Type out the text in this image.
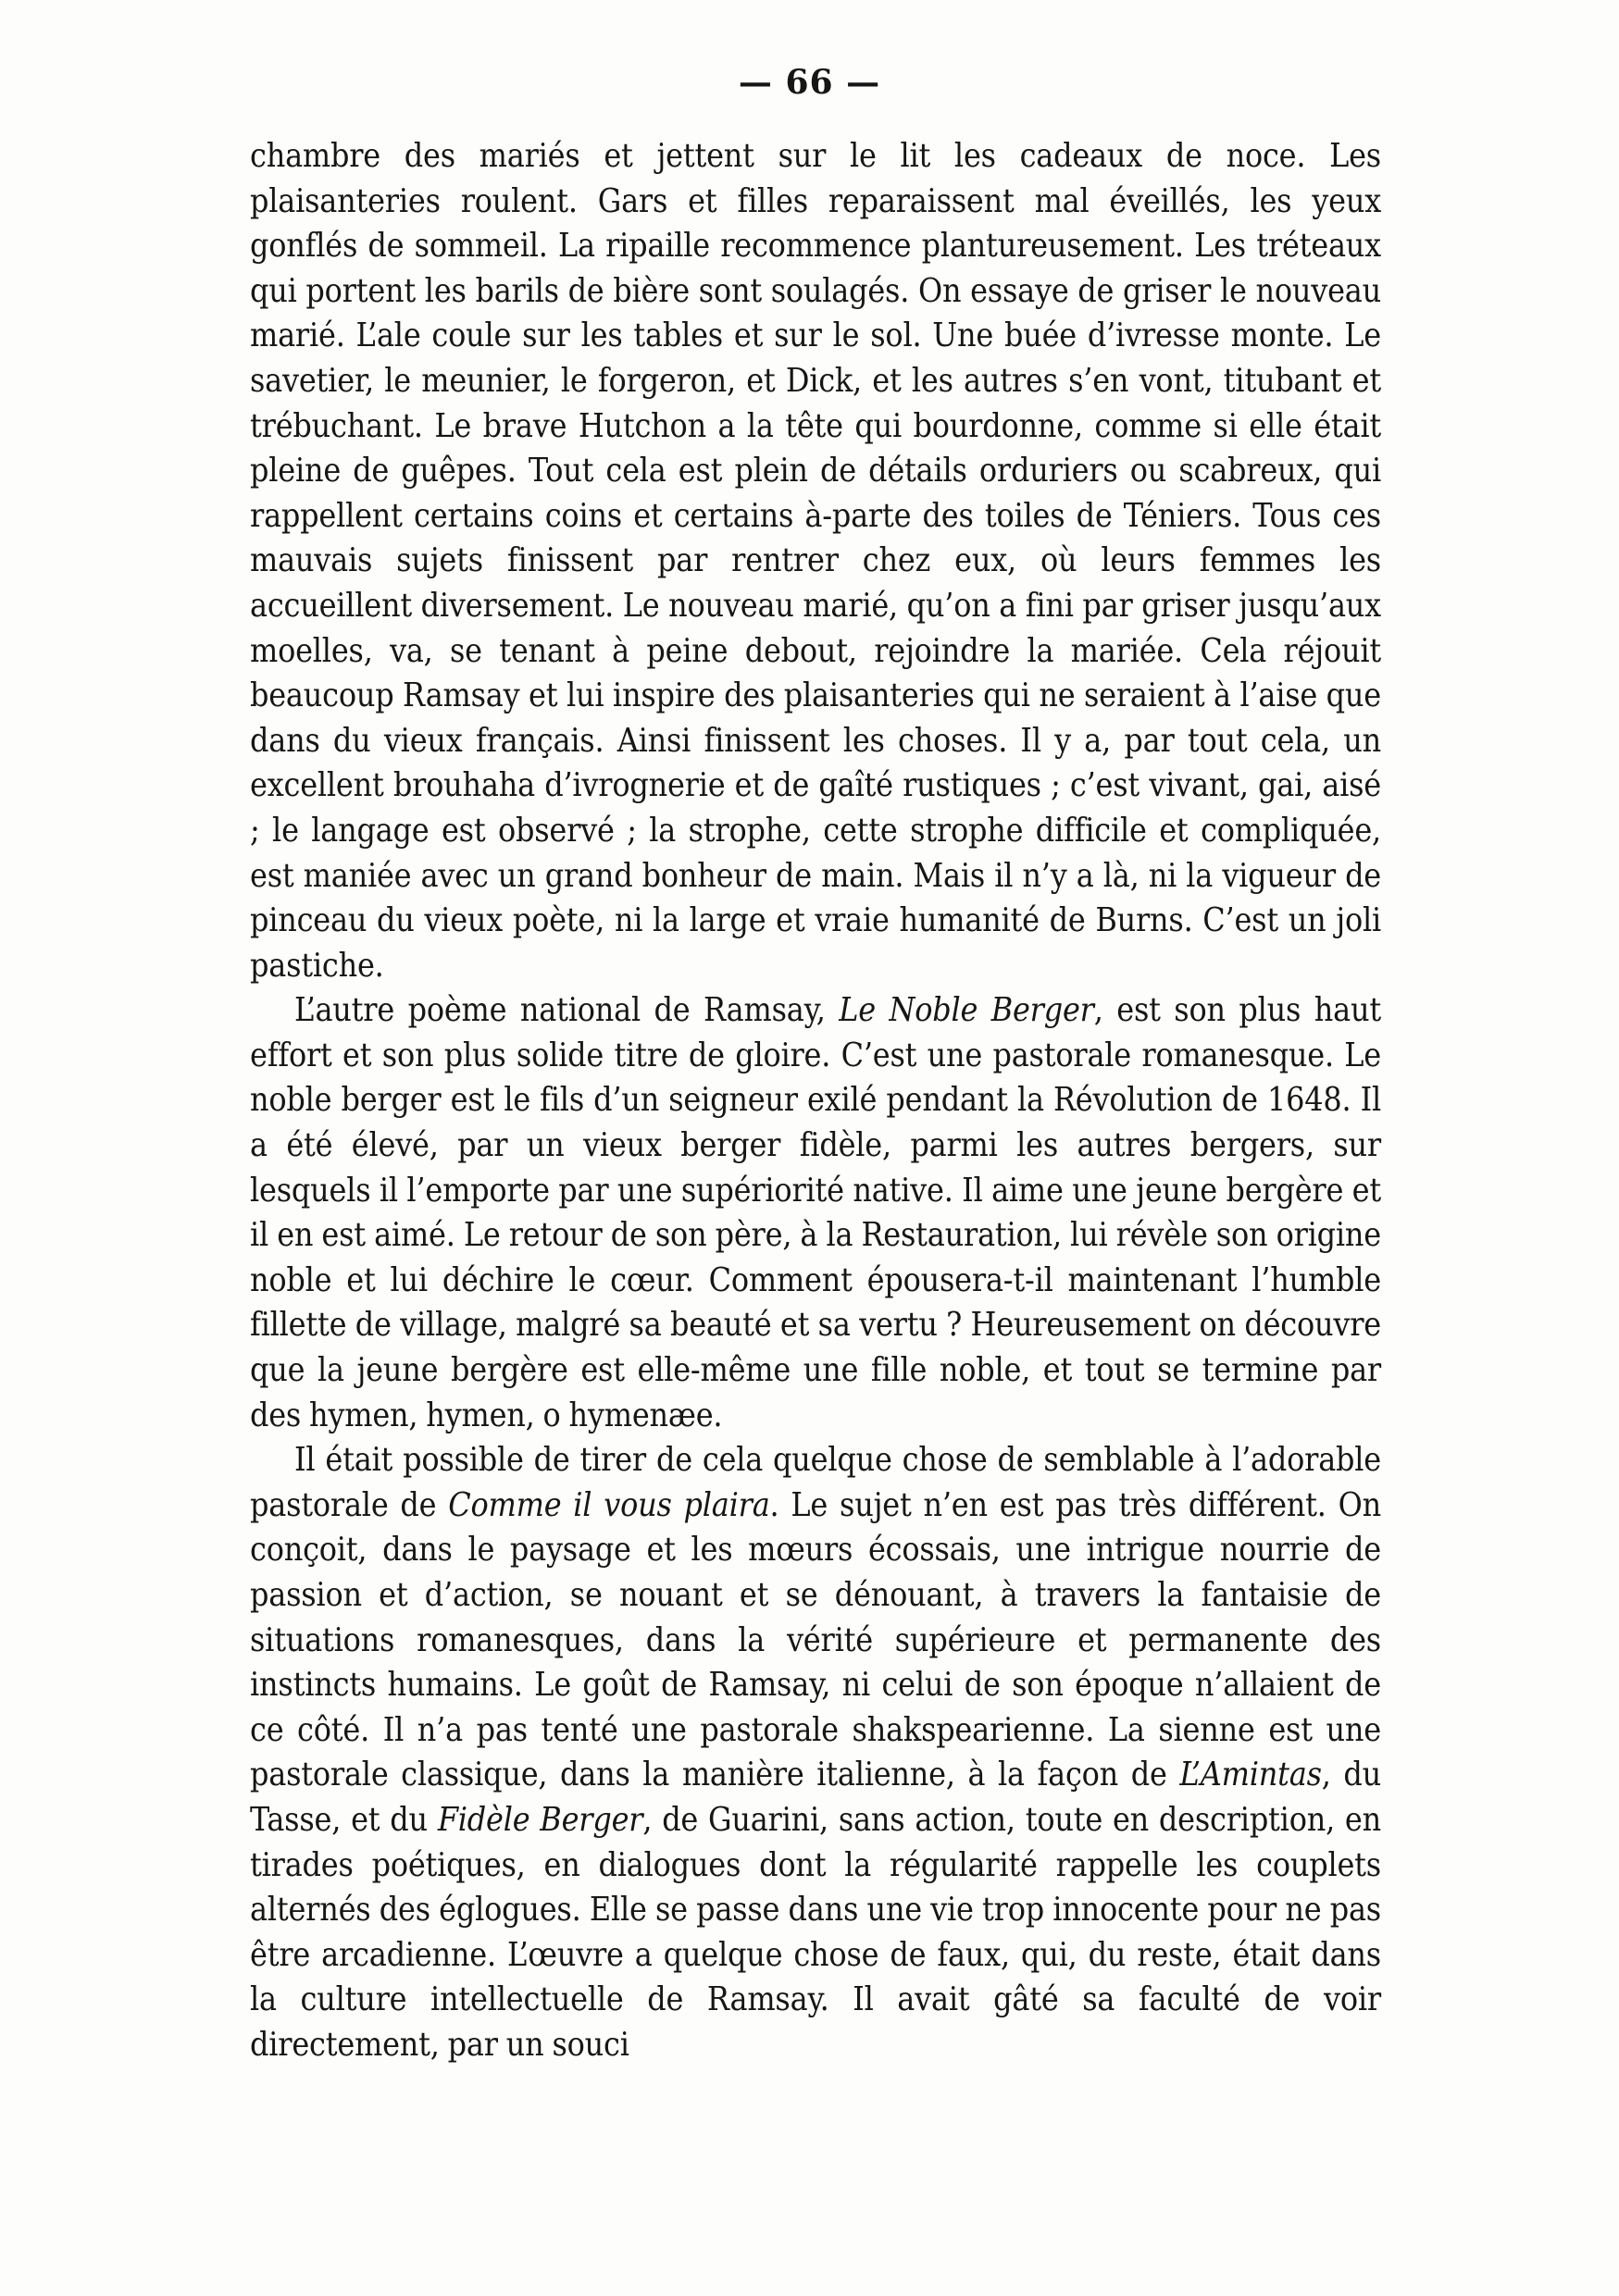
— 66 —

chambre des mariés et jettent sur le lit les cadeaux de noce. Les plaisanteries roulent. Gars et filles reparaissent mal éveillés, les yeux gonflés de sommeil. La ripaille recommence plantureusement. Les tréteaux qui portent les barils de bière sont soulagés. On essaye de griser le nouveau marié. L’ale coule sur les tables et sur le sol. Une buée d’ivresse monte. Le savetier, le meunier, le forgeron, et Dick, et les autres s’en vont, titubant et trébuchant. Le brave Hutchon a la tête qui bourdonne, comme si elle était pleine de guêpes. Tout cela est plein de détails orduriers ou scabreux, qui rappellent certains coins et certains à-parte des toiles de Téniers. Tous ces mauvais sujets finissent par rentrer chez eux, où leurs femmes les accueillent diversement. Le nouveau marié, qu’on a fini par griser jusqu’aux moelles, va, se tenant à peine debout, rejoindre la mariée. Cela réjouit beaucoup Ramsay et lui inspire des plaisanteries qui ne seraient à l’aise que dans du vieux français. Ainsi finissent les choses. Il y a, par tout cela, un excellent brouhaha d’ivrognerie et de gaîté rustiques ; c’est vivant, gai, aisé ; le langage est observé ; la strophe, cette strophe difficile et compliquée, est maniée avec un grand bonheur de main. Mais il n’y a là, ni la vigueur de pinceau du vieux poète, ni la large et vraie humanité de Burns. C’est un joli pastiche.

L’autre poème national de Ramsay, Le Noble Berger, est son plus haut effort et son plus solide titre de gloire. C’est une pastorale romanesque. Le noble berger est le fils d’un seigneur exilé pendant la Révolution de 1648. Il a été élevé, par un vieux berger fidèle, parmi les autres bergers, sur lesquels il l’emporte par une supériorité native. Il aime une jeune bergère et il en est aimé. Le retour de son père, à la Restauration, lui révèle son origine noble et lui déchire le cœur. Comment épousera-t-il maintenant l’humble fillette de village, malgré sa beauté et sa vertu ? Heureusement on découvre que la jeune bergère est elle-même une fille noble, et tout se termine par des hymen, hymen, o hymenæe.

Il était possible de tirer de cela quelque chose de semblable à l’adorable pastorale de Comme il vous plaira. Le sujet n’en est pas très différent. On conçoit, dans le paysage et les mœurs écossais, une intrigue nourrie de passion et d’action, se nouant et se dénouant, à travers la fantaisie de situations romanesques, dans la vérité supérieure et permanente des instincts humains. Le goût de Ramsay, ni celui de son époque n’allaient de ce côté. Il n’a pas tenté une pastorale shakspearienne. La sienne est une pastorale classique, dans la manière italienne, à la façon de L’Amintas, du Tasse, et du Fidèle Berger, de Guarini, sans action, toute en description, en tirades poétiques, en dialogues dont la régularité rappelle les couplets alternés des églogues. Elle se passe dans une vie trop innocente pour ne pas être arcadienne. L’œuvre a quelque chose de faux, qui, du reste, était dans la culture intellectuelle de Ramsay. Il avait gâté sa faculté de voir directement, par un souci
